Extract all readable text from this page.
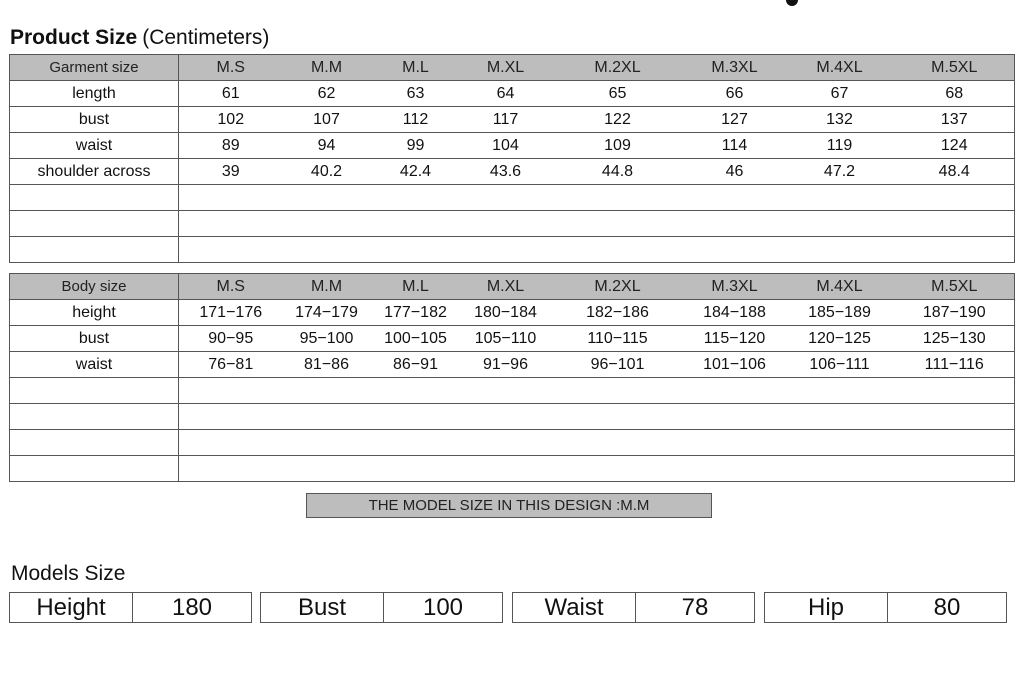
Product Size (Centimeters)
Garment size	M.S	M.M	M.L	M.XL	M.2XL	M.3XL	M.4XL	M.5XL
length	61	62	63	64	65	66	67	68
bust	102	107	112	117	122	127	132	137
waist	89	94	99	104	109	114	119	124
shoulder across	39	40.2	42.4	43.6	44.8	46	47.2	48.4

Body size	M.S	M.M	M.L	M.XL	M.2XL	M.3XL	M.4XL	M.5XL
height	171−176	174−179	177−182	180−184	182−186	184−188	185−189	187−190
bust	90−95	95−100	100−105	105−110	110−115	115−120	120−125	125−130
waist	76−81	81−86	86−91	91−96	96−101	101−106	106−111	111−116

THE MODEL SIZE IN THIS DESIGN :M.M
Models Size
Height	180	Bust	100	Waist	78	Hip	80
